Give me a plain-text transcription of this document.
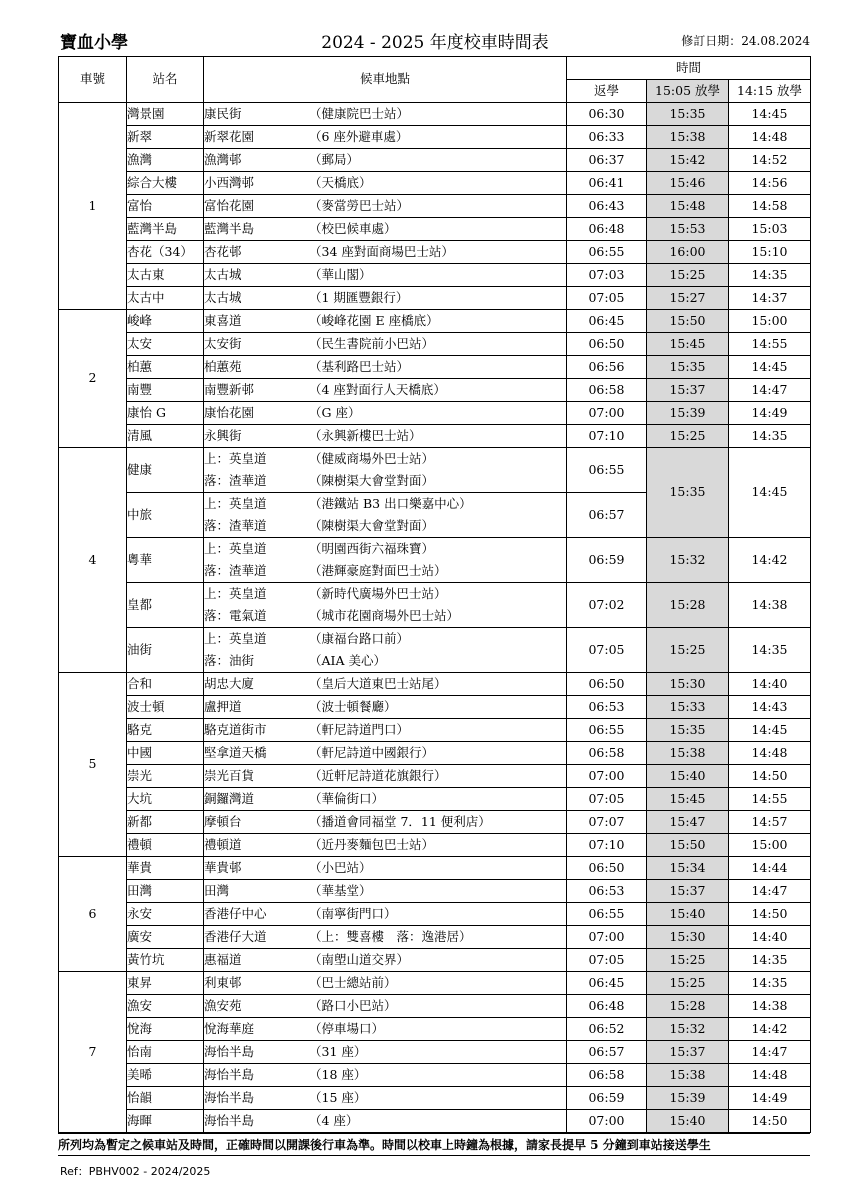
2024 - 2025 年度校車時間表
寶血小學	修訂日期：24.08.2024
車號	站名	候車地點	時間		
			返學	15:05 放學	14:15 放學
1	灣景園	康民街 （健康院巴士站）	06:30	15:35	14:45
	新翠	新翠花園 （6 座外避車處）	06:33	15:38	14:48
	漁灣	漁灣邨 （郵局）	06:37	15:42	14:52
	綜合大樓	小西灣邨 （天橋底）	06:41	15:46	14:56
	富怡	富怡花園 （麥當勞巴士站）	06:43	15:48	14:58
	藍灣半島	藍灣半島 （校巴候車處）	06:48	15:53	15:03
	杏花（34）	杏花邨 （34 座對面商場巴士站）	06:55	16:00	15:10
	太古東	太古城 （華山閣）	07:03	15:25	14:35
	太古中	太古城 （1 期匯豐銀行）	07:05	15:27	14:37
2	峻峰	東喜道 （峻峰花園 E 座橋底）	06:45	15:50	15:00
	太安	太安街 （民生書院前小巴站）	06:50	15:45	14:55
	柏蕙	柏蕙苑 （基利路巴士站）	06:56	15:35	14:45
	南豐	南豐新邨 （4 座對面行人天橋底）	06:58	15:37	14:47
	康怡 G	康怡花園 （G 座）	07:00	15:39	14:49
	清風	永興街 （永興新樓巴士站）	07:10	15:25	14:35
4	健康	上：英皇道 （健威商場外巴士站）
落：渣華道 （陳樹渠大會堂對面）	06:55	15:35	14:45
	中旅	上：英皇道 （港鐵站 B3 出口樂嘉中心）
落：渣華道 （陳樹渠大會堂對面）	06:57		
	粵華	上：英皇道 （明園西街六福珠寶）
落：渣華道 （港輝豪庭對面巴士站）	06:59	15:32	14:42
	皇都	上：英皇道 （新時代廣場外巴士站）
落：電氣道 （城市花園商場外巴士站）	07:02	15:28	14:38
	油街	上：英皇道 （康福台路口前）
落：油街 （AIA 美心）	07:05	15:25	14:35
5	合和	胡忠大廈 （皇后大道東巴士站尾）	06:50	15:30	14:40
	波士頓	盧押道 （波士頓餐廳）	06:53	15:33	14:43
	駱克	駱克道街市 （軒尼詩道門口）	06:55	15:35	14:45
	中國	堅拿道天橋 （軒尼詩道中國銀行）	06:58	15:38	14:48
	崇光	崇光百貨 （近軒尼詩道花旗銀行）	07:00	15:40	14:50
	大坑	銅鑼灣道 （華倫街口）	07:05	15:45	14:55
	新都	摩頓台 （播道會同福堂 7．11 便利店）	07:07	15:47	14:57
	禮頓	禮頓道 （近丹麥麵包巴士站）	07:10	15:50	15:00
6	華貴	華貴邨 （小巴站）	06:50	15:34	14:44
	田灣	田灣 （華基堂）	06:53	15:37	14:47
	永安	香港仔中心 （南寧街門口）	06:55	15:40	14:50
	廣安	香港仔大道 （上：雙喜樓　落：逸港居）	07:00	15:30	14:40
	黃竹坑	惠福道 （南塱山道交界）	07:05	15:25	14:35
7	東昇	利東邨 （巴士總站前）	06:45	15:25	14:35
	漁安	漁安苑 （路口小巴站）	06:48	15:28	14:38
	悅海	悅海華庭 （停車場口）	06:52	15:32	14:42
	怡南	海怡半島 （31 座）	06:57	15:37	14:47
	美晞	海怡半島 （18 座）	06:58	15:38	14:48
	怡韻	海怡半島 （15 座）	06:59	15:39	14:49
	海暉	海怡半島 （4 座）	07:00	15:40	14:50
所列均為暫定之候車站及時間，正確時間以開課後行車為準。時間以校車上時鐘為根據，請家長提早 5 分鐘到車站接送學生
Ref：PBHV002 - 2024/2025
